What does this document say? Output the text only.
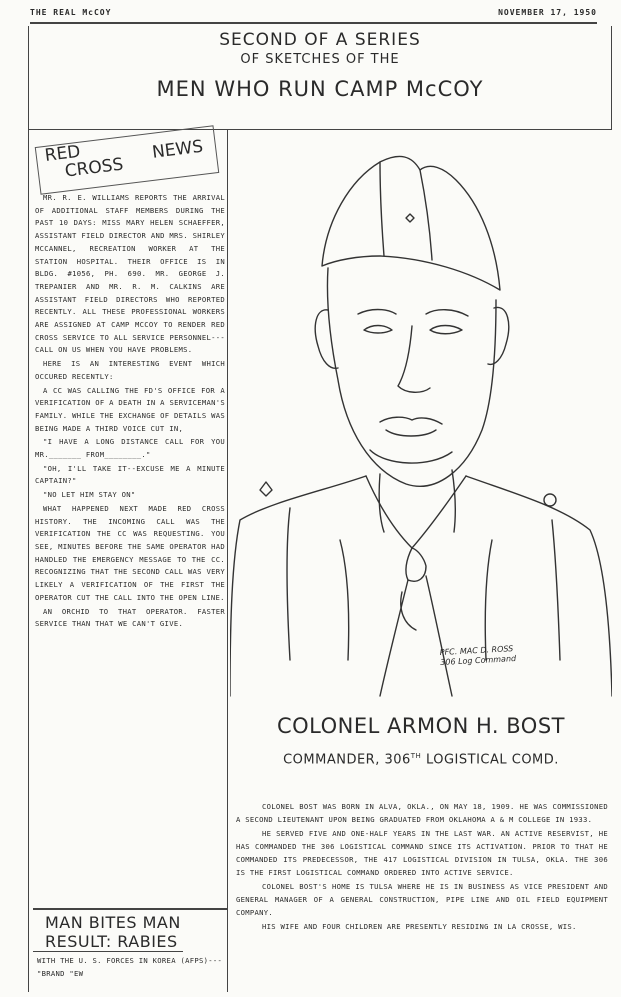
THE REAL McCOY	NOVEMBER 17, 1950
SECOND OF A SERIES
OF SKETCHES OF THE
MEN WHO RUN CAMP McCOY
RED
CROSS
NEWS

MR. R. E. WILLIAMS REPORTS THE ARRIVAL OF ADDITIONAL STAFF MEMBERS DURING THE PAST 10 DAYS: MISS MARY HELEN SCHAEFFER, ASSISTANT FIELD DIRECTOR AND MRS. SHIRLEY MCCANNEL, RECREATION WORKER AT THE STATION HOSPITAL. THEIR OFFICE IS IN BLDG. #1056, PH. 690. MR. GEORGE J. TREPANIER AND MR. R. M. CALKINS ARE ASSISTANT FIELD DIRECTORS WHO REPORTED RECENTLY. ALL THESE PROFESSIONAL WORKERS ARE ASSIGNED AT CAMP MCCOY TO RENDER RED CROSS SERVICE TO ALL SERVICE PERSONNEL---CALL ON US WHEN YOU HAVE PROBLEMS.

HERE IS AN INTERESTING EVENT WHICH OCCURED RECENTLY:

A CC WAS CALLING THE FD'S OFFICE FOR A VERIFICATION OF A DEATH IN A SERVICEMAN'S FAMILY. WHILE THE EXCHANGE OF DETAILS WAS BEING MADE A THIRD VOICE CUT IN,

"I HAVE A LONG DISTANCE CALL FOR YOU MR._______ FROM________."

"OH, I'LL TAKE IT--EXCUSE ME A MINUTE CAPTAIN?"

"NO LET HIM STAY ON"

WHAT HAPPENED NEXT MADE RED CROSS HISTORY. THE INCOMING CALL WAS THE VERIFICATION THE CC WAS REQUESTING. YOU SEE, MINUTES BEFORE THE SAME OPERATOR HAD HANDLED THE EMERGENCY MESSAGE TO THE CC. RECOGNIZING THAT THE SECOND CALL WAS VERY LIKELY A VERIFICATION OF THE FIRST THE OPERATOR CUT THE CALL INTO THE OPEN LINE.

AN ORCHID TO THAT OPERATOR. FASTER SERVICE THAN THAT WE CAN'T GIVE.

MAN BITES MAN
RESULT: RABIES
WITH THE U. S. FORCES IN KOREA (AFPS)--- "BRAND "EW
PFC. MAC D. ROSS
306 Log Command
COLONEL ARMON H. BOST
COMMANDER, 306TH LOGISTICAL COMD.

COLONEL BOST WAS BORN IN ALVA, OKLA., ON MAY 18, 1909. HE WAS COMMISSIONED A SECOND LIEUTENANT UPON BEING GRADUATED FROM OKLAHOMA A & M COLLEGE IN 1933.

HE SERVED FIVE AND ONE-HALF YEARS IN THE LAST WAR. AN ACTIVE RESERVIST, HE HAS COMMANDED THE 306 LOGISTICAL COMMAND SINCE ITS ACTIVATION. PRIOR TO THAT HE COMMANDED ITS PREDECESSOR, THE 417 LOGISTICAL DIVISION IN TULSA, OKLA. THE 306 IS THE FIRST LOGISTICAL COMMAND ORDERED INTO ACTIVE SERVICE.

COLONEL BOST'S HOME IS TULSA WHERE HE IS IN BUSINESS AS VICE PRESIDENT AND GENERAL MANAGER OF A GENERAL CONSTRUCTION, PIPE LINE AND OIL FIELD EQUIPMENT COMPANY.

HIS WIFE AND FOUR CHILDREN ARE PRESENTLY RESIDING IN LA CROSSE, WIS.
